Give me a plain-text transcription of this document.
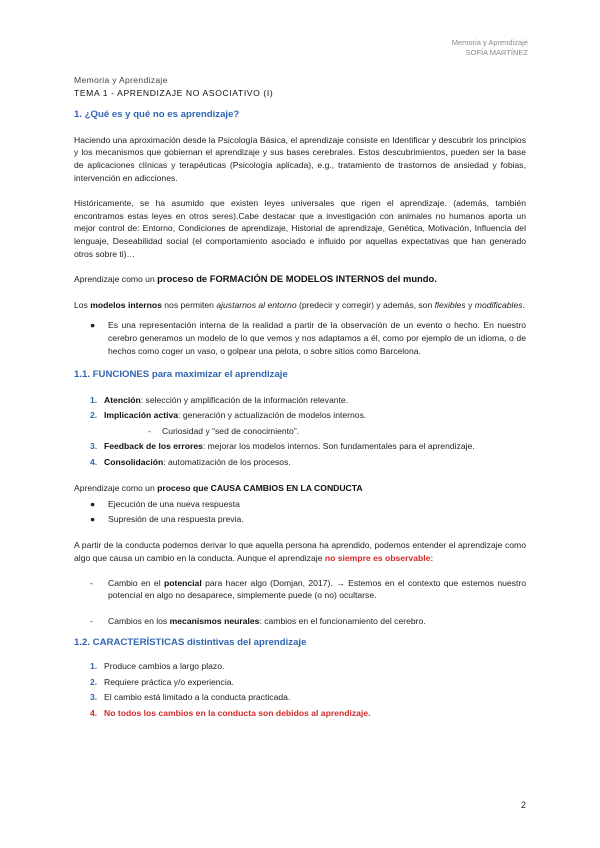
Memoria y Aprendizaje
SOFÍA MARTÍNEZ
Memoria y Aprendizaje
TEMA 1 - APRENDIZAJE NO ASOCIATIVO (I)

1. ¿Qué es y qué no es aprendizaje?

Haciendo una aproximación desde la Psicología Básica, el aprendizaje consiste en Identificar y descubrir los principios y los mecanismos que gobiernan el aprendizaje y sus bases cerebrales. Estos descubrimientos, pueden ser la base de aplicaciones clínicas y terapéuticas (Psicología aplicada), e.g., tratamiento de trastornos de ansiedad y fobias, intervención en adicciones.

Históricamente, se ha asumido que existen leyes universales que rigen el aprendizaje. (además, también encontramos estas leyes en otros seres).Cabe destacar que a investigación con animales no humanos aporta un mejor control de: Entorno, Condiciones de aprendizaje, Historial de aprendizaje, Genética, Motivación, Influencia del lenguaje, Deseabilidad social (el comportamiento asociado e influido por aquellas expectativas que han generado otros sobre ti)…

Aprendizaje como un proceso de FORMACIÓN DE MODELOS INTERNOS del mundo.

Los modelos internos nos permiten ajustarnos al entorno (predecir y corregir) y además, son flexibles y modificables.

● Es una representación interna de la realidad a partir de la observación de un evento o hecho. En nuestro cerebro generamos un modelo de lo que vemos y nos adaptamos a él, como por ejemplo de un idioma, o de hechos como coger un vaso, o golpear una pelota, o sobre sitios como Barcelona.

1.1. FUNCIONES para maximizar el aprendizaje

1. Atención: selección y amplificación de la información relevante.
2. Implicación activa: generación y actualización de modelos internos.
- Curiosidad y “sed de conocimiento”.
3. Feedback de los errores: mejorar los modelos internos. Son fundamentales para el aprendizaje.
4. Consolidación: automatización de los procesos.

Aprendizaje como un proceso que CAUSA CAMBIOS EN LA CONDUCTA

● Ejecución de una nueva respuesta
● Supresión de una respuesta previa.

A partir de la conducta podemos derivar lo que aquella persona ha aprendido, podemos entender el aprendizaje como algo que causa un cambio en la conducta. Aunque el aprendizaje no siempre es observable:

- Cambio en el potencial para hacer algo (Domjan, 2017). → Estemos en el contexto que estemos nuestro potencial en algo no desaparece, simplemente puede (o no) ocultarse.
- Cambios en los mecanismos neurales: cambios en el funcionamiento del cerebro.

1.2. CARACTERÍSTICAS distintivas del aprendizaje

1. Produce cambios a largo plazo.
2. Requiere práctica y/o experiencia.
3. El cambio está limitado a la conducta practicada.
4. No todos los cambios en la conducta son debidos al aprendizaje.
2
